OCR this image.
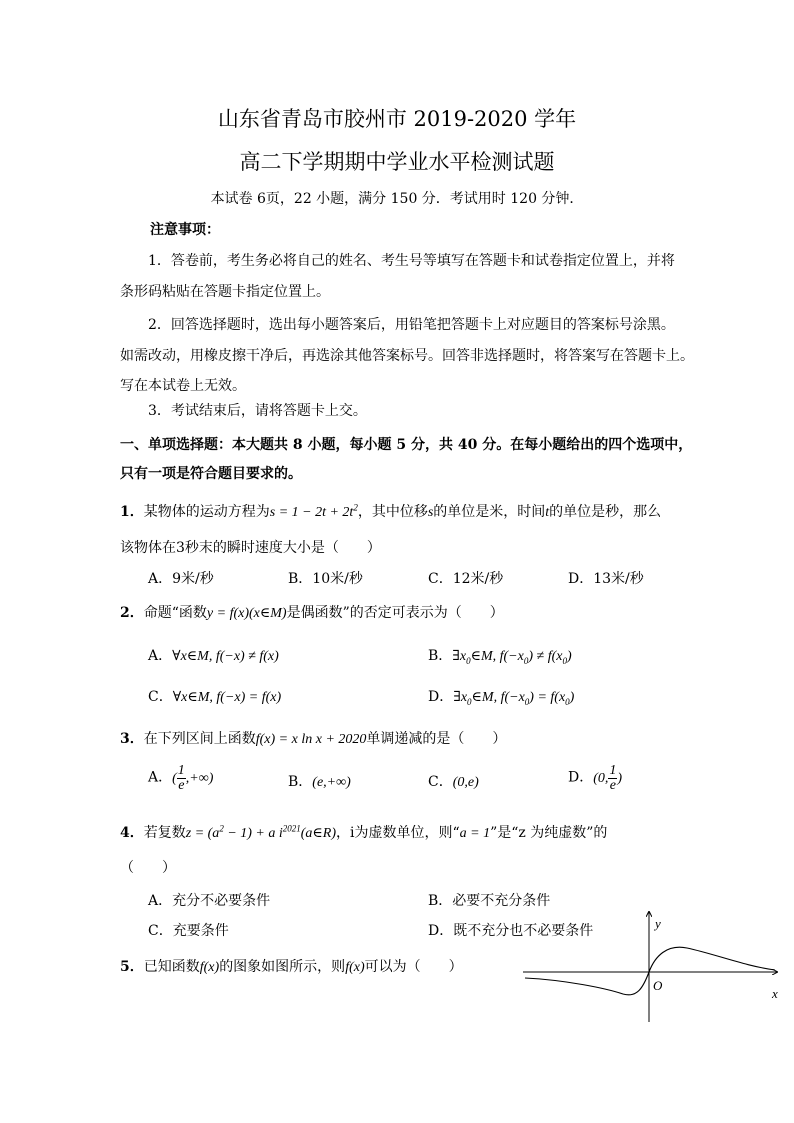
山东省青岛市胶州市 2019-2020 学年
高二下学期期中学业水平检测试题
本试卷 6页，22 小题，满分 150 分．考试用时 120 分钟．
注意事项：
1．答卷前，考生务必将自己的姓名、考生号等填写在答题卡和试卷指定位置上，并将
条形码粘贴在答题卡指定位置上。
2．回答选择题时，选出每小题答案后，用铅笔把答题卡上对应题目的答案标号涂黑。
如需改动，用橡皮擦干净后，再选涂其他答案标号。回答非选择题时，将答案写在答题卡上。
写在本试卷上无效。
3．考试结束后，请将答题卡上交。
一、单项选择题：本大题共 8 小题，每小题 5 分，共 40 分。在每小题给出的四个选项中，
只有一项是符合题目要求的。
1．某物体的运动方程为$s = 1 - 2t + 2t^2$，其中位移s的单位是米，时间t的单位是秒，那么
该物体在3秒末的瞬时速度大小是（　　）
A．9米/秒	B．10米/秒	C．12米/秒	D．13米/秒
2．命题“函数y = f(x)(x∈M)是偶函数”的否定可表示为（　　）
A．∀x∈M, f(−x) ≠ f(x)	B．$\exists x_0\in M$, $f(-x_0) \ne f(x_0)$
C．∀x∈M, f(−x) = f(x)	D．$\exists x_0\in M$, $f(-x_0) = f(x_0)$
3．在下列区间上函数f(x) = x ln x + 2020单调递减的是（　　）
A．( $\frac{1}{e}$ ,+∞)	B．(e,+∞)	C．(0,e)	D．(0, $\frac{1}{e}$ )
4．若复数$z = (a^2 - 1) + a$ $i^{2021}(a\in R)$，i为虚数单位，则“a = 1”是“z 为纯虚数”的
（　　）
A．充分不必要条件	B．必要不充分条件
C．充要条件	D．既不充分也不必要条件
5．已知函数f(x)的图象如图所示，则f(x)可以为（　　）
y
x
O
